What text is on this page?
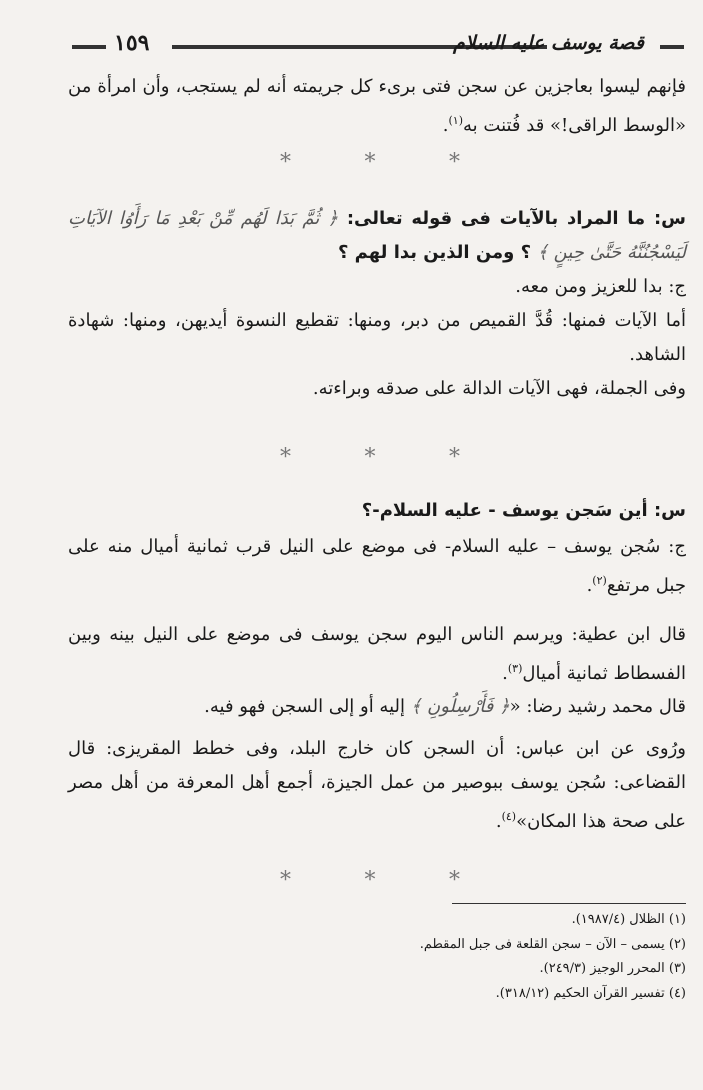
١٥٩	قصة يوسف عليه السلام
فإنهم ليسوا بعاجزين عن سجن فتى برىء كل جريمته أنه لم يستجب، وأن امرأة من «الوسط الراقى!» قد فُتنت به$^{(١)}$.
*	*	*
س: ما المراد بالآيات فى قوله تعالى: ﴿ ثُمَّ بَدَا لَهُم مِّنْ بَعْدِ مَا رَأَوُا الآيَاتِ لَيَسْجُنُنَّهُ حَتَّىٰ حِينٍ ﴾ ؟ ومن الذين بدا لهم ؟
ج: بدا للعزيز ومن معه.
أما الآيات فمنها: قُدَّ القميص من دبر، ومنها: تقطيع النسوة أيديهن، ومنها: شهادة الشاهد.
وفى الجملة، فهى الآيات الدالة على صدقه وبراءته.
*	*	*
س: أين سَجن يوسف - عليه السلام-؟
ج: سُجن يوسف – عليه السلام- فى موضع على النيل قرب ثمانية أميال منه على جبل مرتفع$^{(٢)}$.
قال ابن عطية: ويرسم الناس اليوم سجن يوسف فى موضع على النيل بينه وبين الفسطاط ثمانية أميال$^{(٣)}$.
قال محمد رشيد رضا: «﴿ فَأَرْسِلُونِ ﴾ إليه أو إلى السجن فهو فيه.
ورُوى عن ابن عباس: أن السجن كان خارج البلد، وفى خطط المقريزى: قال القضاعى: سُجن يوسف ببوصير من عمل الجيزة، أجمع أهل المعرفة من أهل مصر على صحة هذا المكان»$^{(٤)}$.
*	*	*
(١) الظلال (١٩٨٧/٤).
(٢) يسمى – الآن – سجن القلعة فى جبل المقطم.
(٣) المحرر الوجيز (٢٤٩/٣).
(٤) تفسير القرآن الحكيم (٣١٨/١٢).
